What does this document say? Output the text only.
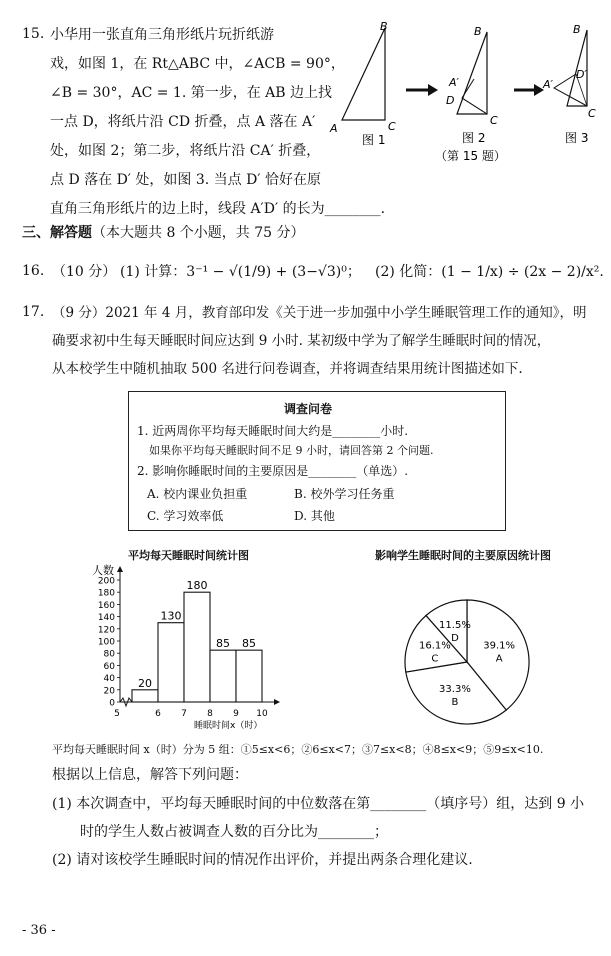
15. 小华用一张直角三角形纸片玩折纸游
戏，如图 1，在 Rt△ABC 中，∠ACB = 90°，
∠B = 30°，AC = 1. 第一步，在 AB 边上找
一点 D，将纸片沿 CD 折叠，点 A 落在 A′
处，如图 2；第二步，将纸片沿 CA′ 折叠，
点 D 落在 D′ 处，如图 3. 当点 D′ 恰好在原
直角三角形纸片的边上时，线段 A′D′ 的长为________.
B
A	C
B
A′
D
C
B
A′
D′
C
图 1	图 2	图 3
（第 15 题）
三、解答题（本大题共 8 个小题，共 75 分）
16. （10 分） (1) 计算：3⁻¹ − √(1/9) + (3−√3)⁰； (2) 化简：(1 − 1/x) ÷ (2x − 2)/x².
17. （9 分）2021 年 4 月，教育部印发《关于进一步加强中小学生睡眠管理工作的通知》，明
确要求初中生每天睡眠时间应达到 9 小时. 某初级中学为了解学生睡眠时间的情况，
从本校学生中随机抽取 500 名进行问卷调查，并将调查结果用统计图描述如下.
调查问卷
1. 近两周你平均每天睡眠时间大约是________小时.
如果你平均每天睡眠时间不足 9 小时，请回答第 2 个问题.
2. 影响你睡眠时间的主要原因是________（单选）.
A. 校内课业负担重	B. 校外学习任务重
C. 学习效率低	D. 其他
平均每天睡眠时间统计图
0
20
40
60
80
100
120
140
160
180
200
人数
5	6 7 8 9 10
睡眠时间x（时）
20
130
180
85 85
影响学生睡眠时间的主要原因统计图
39.1%
A
33.3%
B
16.1%
C
11.5%
D
平均每天睡眠时间 x（时）分为 5 组：①5≤x<6；②6≤x<7；③7≤x<8；④8≤x<9；⑤9≤x<10.
根据以上信息，解答下列问题：
(1) 本次调查中，平均每天睡眠时间的中位数落在第________（填序号）组，达到 9 小
时的学生人数占被调查人数的百分比为________；
(2) 请对该校学生睡眠时间的情况作出评价，并提出两条合理化建议.
- 36 -
